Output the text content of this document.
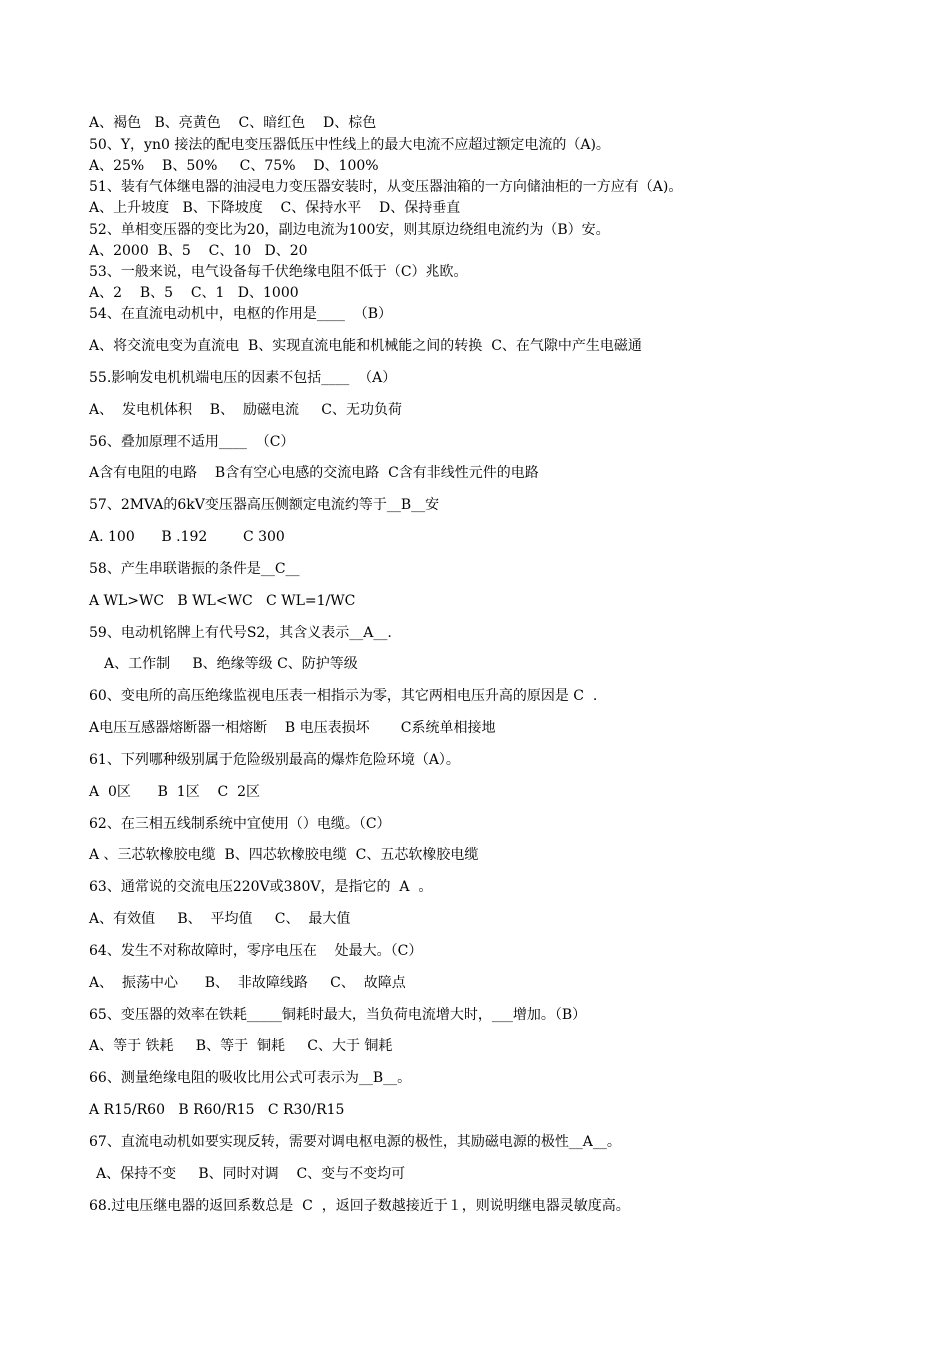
A、褐色   B、亮黄色    C、暗红色    D、棕色
50、Y，yn0 接法的配电变压器低压中性线上的最大电流不应超过额定电流的（A)。
A、25%    B、50%     C、75%    D、100%
51、装有气体继电器的油浸电力变压器安装时，从变压器油箱的一方向储油柜的一方应有（A)。
A、上升坡度   B、下降坡度    C、保持水平    D、保持垂直
52、单相变压器的变比为20，副边电流为100安，则其原边绕组电流约为（B）安。
A、2000  B、5    C、10   D、20
53、一般来说，电气设备每千伏绝缘电阻不低于（C）兆欧。
A、2    B、5    C、1   D、1000
54、在直流电动机中，电枢的作用是____  （B）
A、将交流电变为直流电  B、实现直流电能和机械能之间的转换  C、在气隙中产生电磁通
55.影响发电机机端电压的因素不包括____  （A）
A、  发电机体积    B、  励磁电流     C、无功负荷
56、叠加原理不适用____  （C）
A含有电阻的电路    B含有空心电感的交流电路  C含有非线性元件的电路
57、2MVA的6kV变压器高压侧额定电流约等于__B__安
A. 100      B .192        C 300
58、产生串联谐振的条件是__C__
A WL>WC   B WL<WC   C WL=1/WC
59、电动机铭牌上有代号S2，其含义表示__A__.
A、工作制     B、绝缘等级 C、防护等级
60、变电所的高压绝缘监视电压表一相指示为零，其它两相电压升高的原因是 C  .
A电压互感器熔断器一相熔断    B 电压表损坏       C系统单相接地
61、下列哪种级别属于危险级别最高的爆炸危险环境（A）。
A  0区      B  1区    C  2区
62、在三相五线制系统中宜使用（）电缆。（C）
A 、三芯软橡胶电缆  B、四芯软橡胶电缆  C、五芯软橡胶电缆
63、通常说的交流电压220V或380V，是指它的  A  。
A、有效值     B、  平均值     C、  最大值
64、发生不对称故障时，零序电压在    处最大。（C）
A、  振荡中心      B、  非故障线路     C、  故障点
65、变压器的效率在铁耗_____铜耗时最大，当负荷电流增大时，___增加。（B）
A、等于 铁耗     B、等于  铜耗     C、大于 铜耗
66、测量绝缘电阻的吸收比用公式可表示为__B__。
A R15/R60   B R60/R15   C R30/R15
67、直流电动机如要实现反转，需要对调电枢电源的极性，其励磁电源的极性__A__。
A、保持不变     B、同时对调    C、变与不变均可
68.过电压继电器的返回系数总是  C  ，返回子数越接近于１，则说明继电器灵敏度高。
